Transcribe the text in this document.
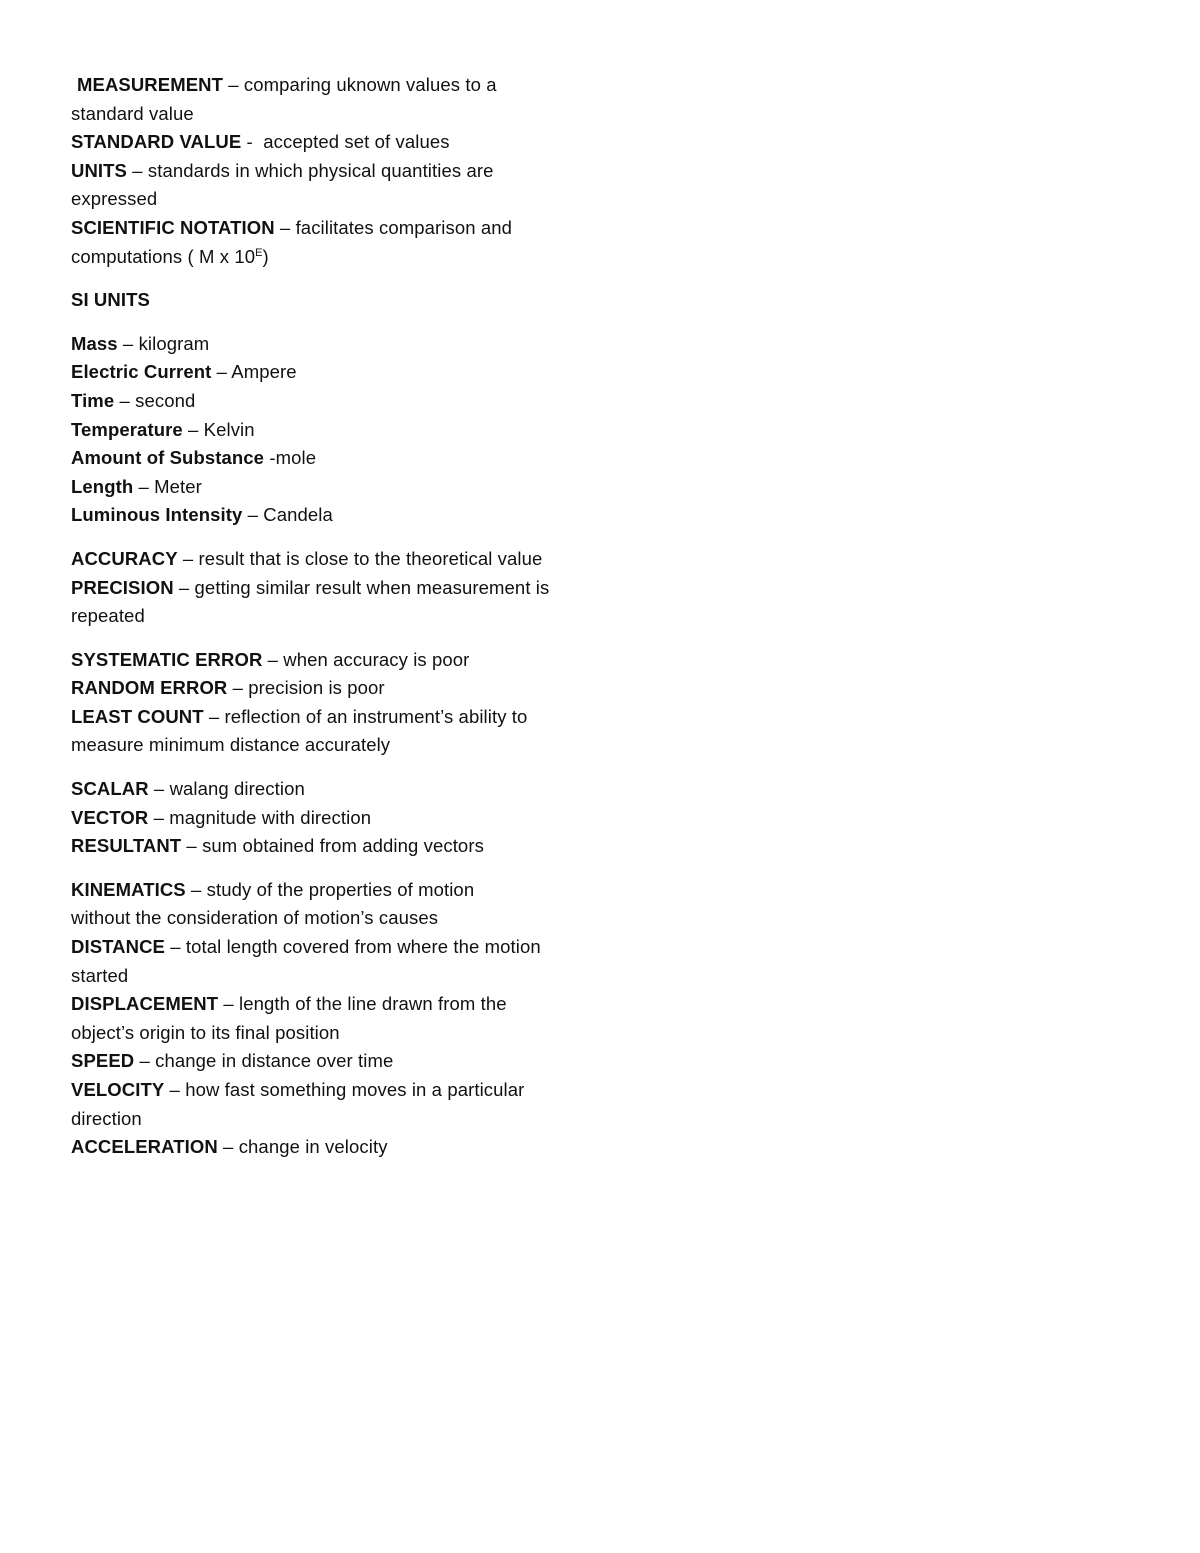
MEASUREMENT – comparing uknown values to a
standard value
STANDARD VALUE -  accepted set of values
UNITS – standards in which physical quantities are
expressed
SCIENTIFIC NOTATION – facilitates comparison and
computations ( M x $10^E$)
SI UNITS
Mass – kilogram
Electric Current – Ampere
Time – second
Temperature – Kelvin
Amount of Substance -mole
Length – Meter
Luminous Intensity – Candela
ACCURACY – result that is close to the theoretical value
PRECISION – getting similar result when measurement is
repeated
SYSTEMATIC ERROR – when accuracy is poor
RANDOM ERROR – precision is poor
LEAST COUNT – reflection of an instrument’s ability to
measure minimum distance accurately
SCALAR – walang direction
VECTOR – magnitude with direction
RESULTANT – sum obtained from adding vectors
KINEMATICS – study of the properties of motion
without the consideration of motion’s causes
DISTANCE – total length covered from where the motion
started
DISPLACEMENT – length of the line drawn from the
object’s origin to its final position
SPEED – change in distance over time
VELOCITY – how fast something moves in a particular
direction
ACCELERATION – change in velocity
